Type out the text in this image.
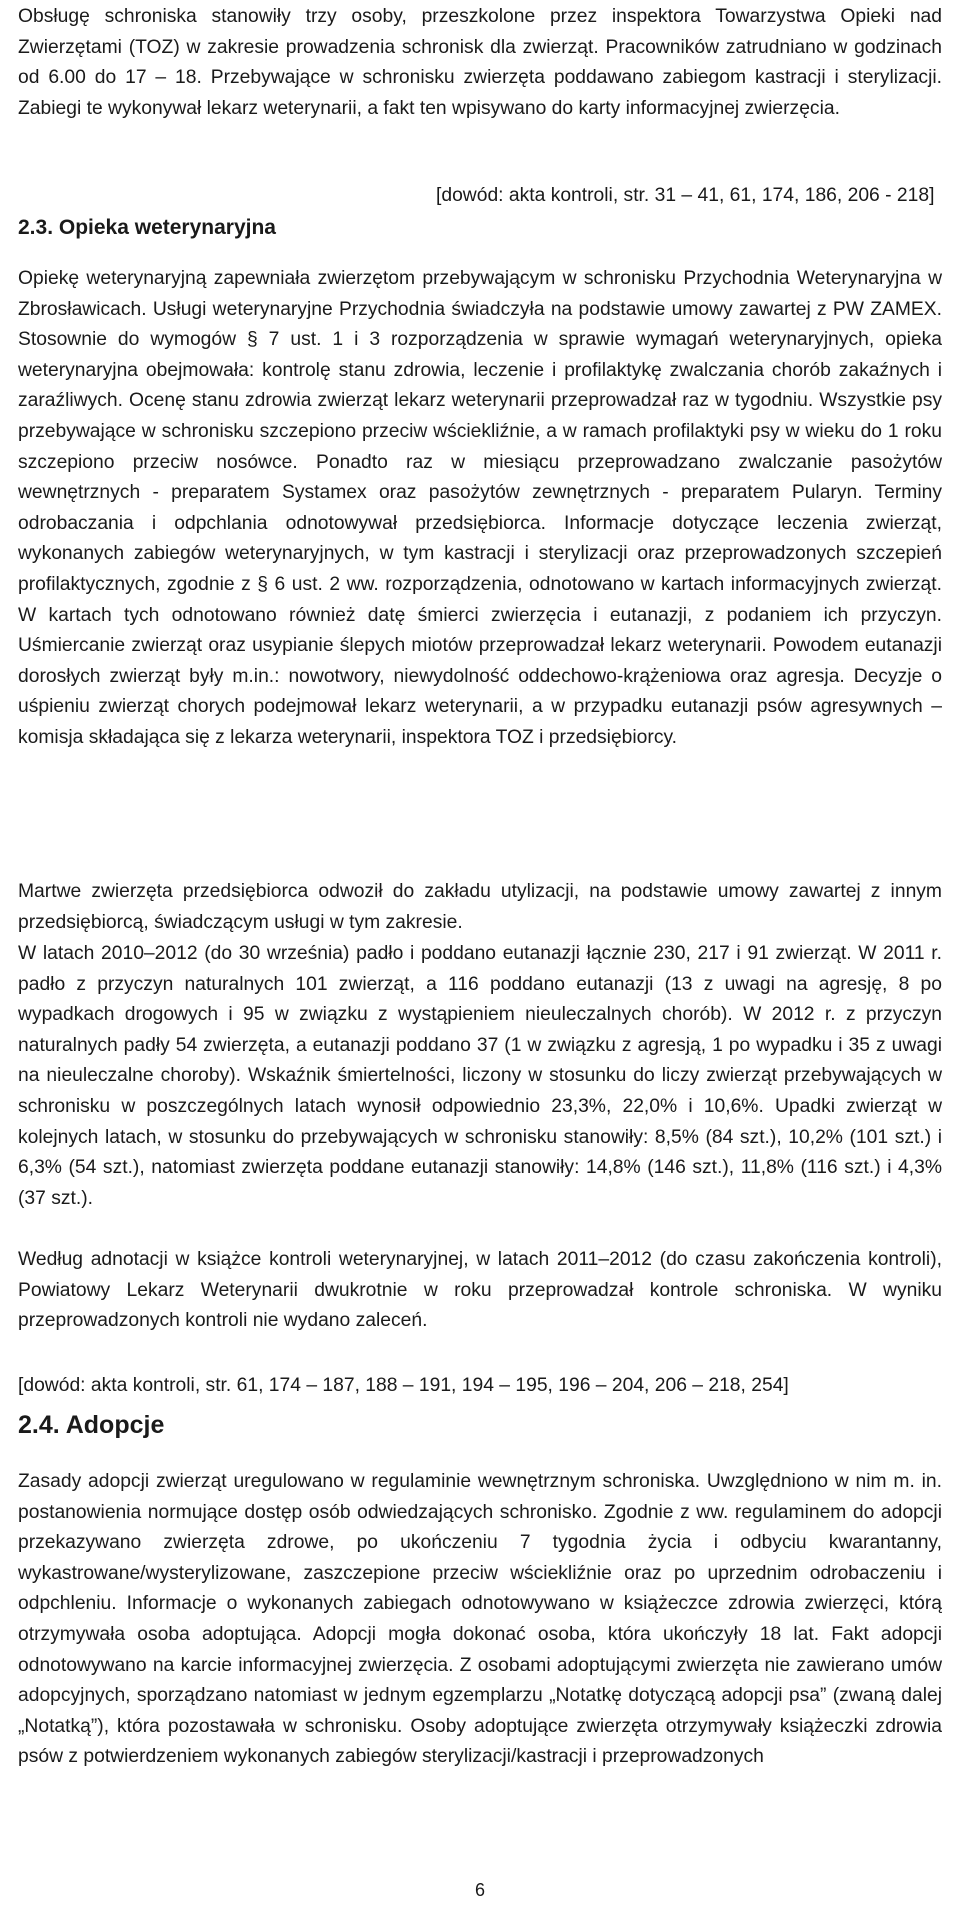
Obsługę schroniska stanowiły trzy osoby, przeszkolone przez inspektora Towarzystwa Opieki nad Zwierzętami (TOZ) w zakresie prowadzenia schronisk dla zwierząt. Pracowników zatrudniano w godzinach od 6.00 do 17 – 18. Przebywające w schronisku zwierzęta poddawano zabiegom kastracji i sterylizacji. Zabiegi te wykonywał lekarz weterynarii, a fakt ten wpisywano do karty informacyjnej zwierzęcia.

[dowód: akta kontroli, str. 31 – 41, 61, 174, 186, 206 - 218]

2.3. Opieka weterynaryjna

Opiekę weterynaryjną zapewniała zwierzętom przebywającym w schronisku Przychodnia Weterynaryjna w Zbrosławicach. Usługi weterynaryjne Przychodnia świadczyła na podstawie umowy zawartej z PW ZAMEX. Stosownie do wymogów § 7 ust. 1 i 3 rozporządzenia w sprawie wymagań weterynaryjnych, opieka weterynaryjna obejmowała: kontrolę stanu zdrowia, leczenie i profilaktykę zwalczania chorób zakaźnych i zaraźliwych. Ocenę stanu zdrowia zwierząt lekarz weterynarii przeprowadzał raz w tygodniu. Wszystkie psy przebywające w schronisku szczepiono przeciw wściekliźnie, a w ramach profilaktyki psy w wieku do 1 roku szczepiono przeciw nosówce. Ponadto raz w miesiącu przeprowadzano zwalczanie pasożytów wewnętrznych - preparatem Systamex oraz pasożytów zewnętrznych - preparatem Pularyn. Terminy odrobaczania i odpchlania odnotowywał przedsiębiorca. Informacje dotyczące leczenia zwierząt, wykonanych zabiegów weterynaryjnych, w tym kastracji i sterylizacji oraz przeprowadzonych szczepień profilaktycznych, zgodnie z § 6 ust. 2 ww. rozporządzenia, odnotowano w kartach informacyjnych zwierząt. W kartach tych odnotowano również datę śmierci zwierzęcia i eutanazji, z podaniem ich przyczyn. Uśmiercanie zwierząt oraz usypianie ślepych miotów przeprowadzał lekarz weterynarii. Powodem eutanazji dorosłych zwierząt były m.in.: nowotwory, niewydolność oddechowo-krążeniowa oraz agresja. Decyzje o uśpieniu zwierząt chorych podejmował lekarz weterynarii, a w przypadku eutanazji psów agresywnych – komisja składająca się z lekarza weterynarii, inspektora TOZ i przedsiębiorcy.

Martwe zwierzęta przedsiębiorca odwoził do zakładu utylizacji, na podstawie umowy zawartej z innym przedsiębiorcą, świadczącym usługi w tym zakresie.

W latach 2010–2012 (do 30 września) padło i poddano eutanazji łącznie 230, 217 i 91 zwierząt. W 2011 r. padło z przyczyn naturalnych 101 zwierząt, a 116 poddano eutanazji (13 z uwagi na agresję, 8 po wypadkach drogowych i 95 w związku z wystąpieniem nieuleczalnych chorób). W 2012 r. z przyczyn naturalnych padły 54 zwierzęta, a eutanazji poddano 37 (1 w związku z agresją, 1 po wypadku i 35 z uwagi na nieuleczalne choroby). Wskaźnik śmiertelności, liczony w stosunku do liczy zwierząt przebywających w schronisku w poszczególnych latach wynosił odpowiednio 23,3%, 22,0% i 10,6%. Upadki zwierząt w kolejnych latach, w stosunku do przebywających w schronisku stanowiły: 8,5% (84 szt.), 10,2% (101 szt.) i 6,3% (54 szt.), natomiast zwierzęta poddane eutanazji stanowiły: 14,8% (146 szt.), 11,8% (116 szt.) i 4,3% (37 szt.).

Według adnotacji w książce kontroli weterynaryjnej, w latach 2011–2012 (do czasu zakończenia kontroli), Powiatowy Lekarz Weterynarii dwukrotnie w roku przeprowadzał kontrole schroniska. W wyniku przeprowadzonych kontroli nie wydano zaleceń.

[dowód: akta kontroli, str. 61, 174 – 187, 188 – 191, 194 – 195, 196 – 204, 206 – 218, 254]

2.4. Adopcje

Zasady adopcji zwierząt uregulowano w regulaminie wewnętrznym schroniska. Uwzględniono w nim m. in. postanowienia normujące dostęp osób odwiedzających schronisko. Zgodnie z ww. regulaminem do adopcji przekazywano zwierzęta zdrowe, po ukończeniu 7 tygodnia życia i odbyciu kwarantanny, wykastrowane/wysterylizowane, zaszczepione przeciw wściekliźnie oraz po uprzednim odrobaczeniu i odpchleniu. Informacje o wykonanych zabiegach odnotowywano w książeczce zdrowia zwierzęci, którą otrzymywała osoba adoptująca. Adopcji mogła dokonać osoba, która ukończyły 18 lat. Fakt adopcji odnotowywano na karcie informacyjnej zwierzęcia. Z osobami adoptującymi zwierzęta nie zawierano umów adopcyjnych, sporządzano natomiast w jednym egzemplarzu „Notatkę dotyczącą adopcji psa” (zwaną dalej „Notatką”), która pozostawała w schronisku. Osoby adoptujące zwierzęta otrzymywały książeczki zdrowia psów z potwierdzeniem wykonanych zabiegów sterylizacji/kastracji i przeprowadzonych

6
